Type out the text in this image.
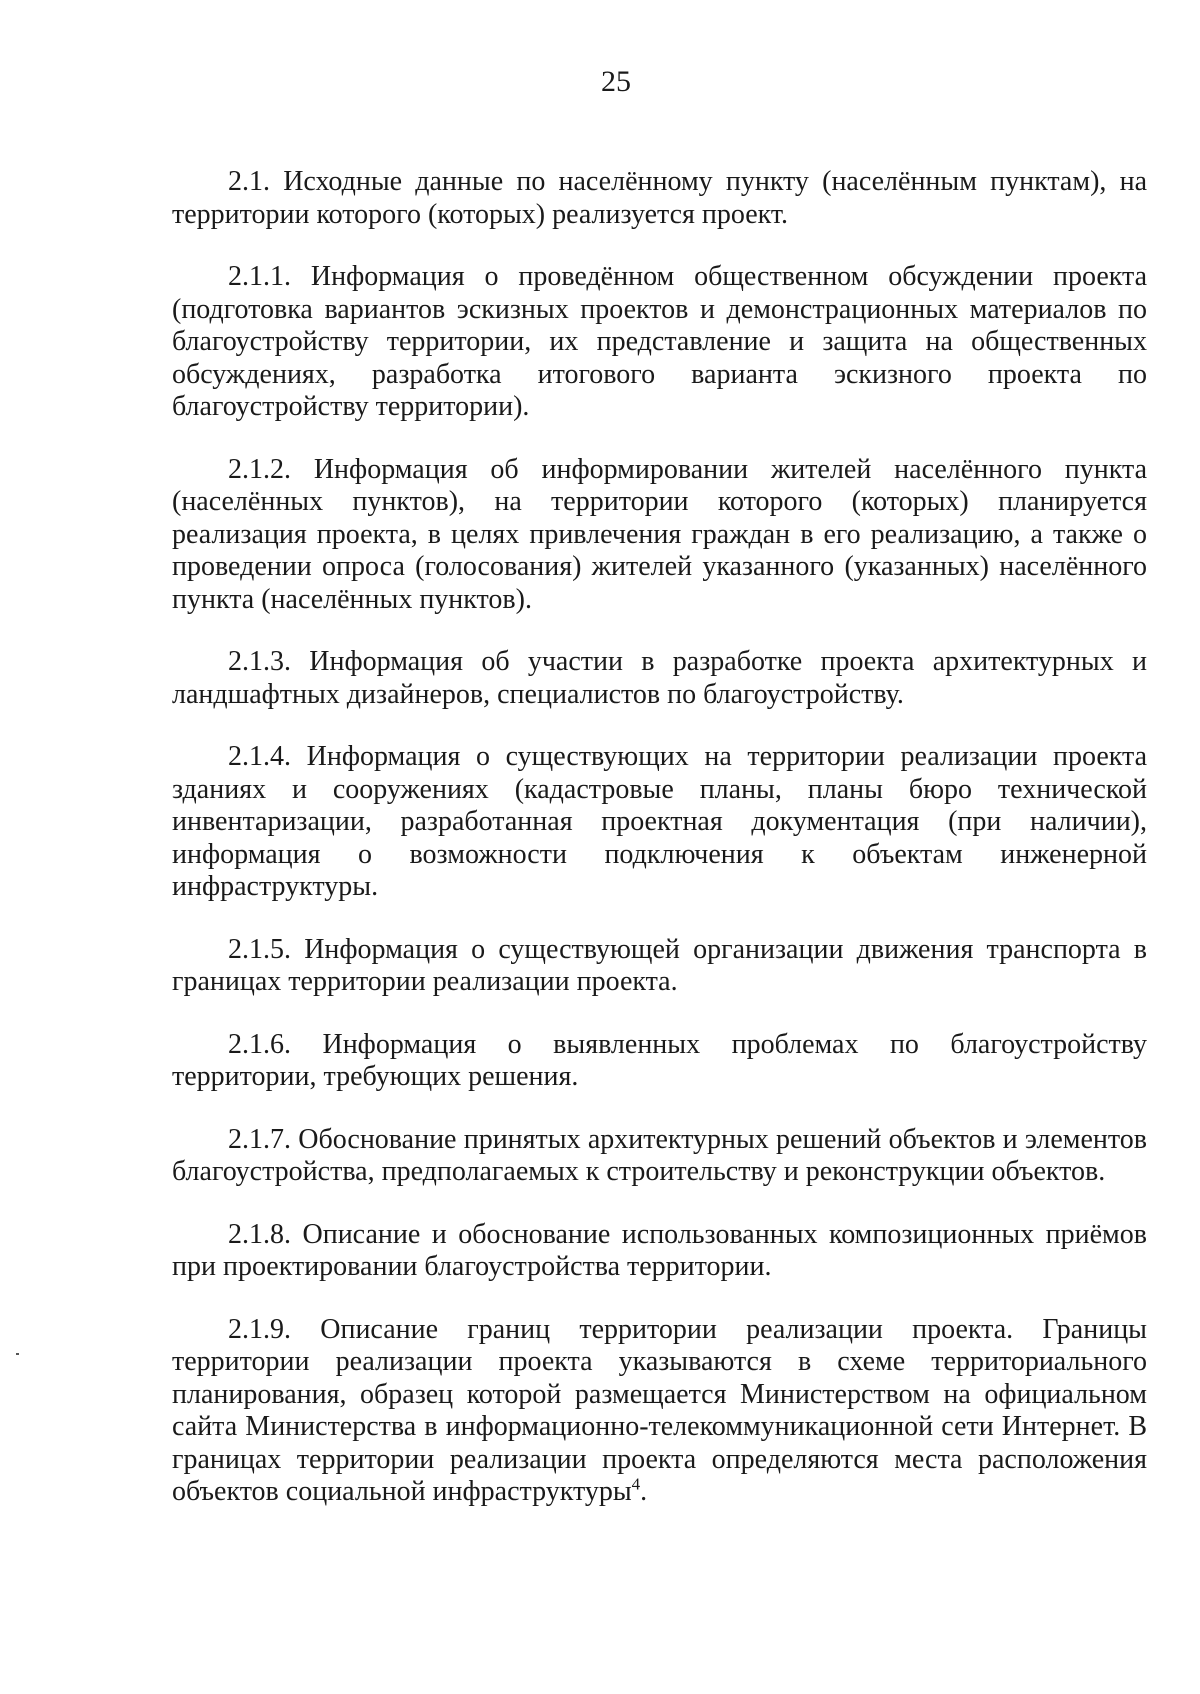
25

2.1. Исходные данные по населённому пункту (населённым пунктам), на территории которого (которых) реализуется проект.

2.1.1. Информация о проведённом общественном обсуждении проекта (подготовка вариантов эскизных проектов и демонстрационных материалов по благоустройству территории, их представление и защита на общественных обсуждениях, разработка итогового варианта эскизного проекта по благоустройству территории).

2.1.2. Информация об информировании жителей населённого пункта (населённых пунктов), на территории которого (которых) планируется реализация проекта, в целях привлечения граждан в его реализацию, а также о проведении опроса (голосования) жителей указанного (указанных) населённого пункта (населённых пунктов).

2.1.3. Информация об участии в разработке проекта архитектурных и ландшафтных дизайнеров, специалистов по благоустройству.

2.1.4. Информация о существующих на территории реализации проекта зданиях и сооружениях (кадастровые планы, планы бюро технической инвентаризации, разработанная проектная документация (при наличии), информация о возможности подключения к объектам инженерной инфраструктуры.

2.1.5. Информация о существующей организации движения транспорта в границах территории реализации проекта.

2.1.6. Информация о выявленных проблемах по благоустройству территории, требующих решения.

2.1.7. Обоснование принятых архитектурных решений объектов и элементов благоустройства, предполагаемых к строительству и реконструкции объектов.

2.1.8. Описание и обоснование использованных композиционных приёмов при проектировании благоустройства территории.

2.1.9. Описание границ территории реализации проекта. Границы территории реализации проекта указываются в схеме территориального планирования, образец которой размещается Министерством на официальном сайта Министерства в информационно-телекоммуникационной сети Интернет. В границах территории реализации проекта определяются места расположения объектов социальной инфраструктуры$^4$.
